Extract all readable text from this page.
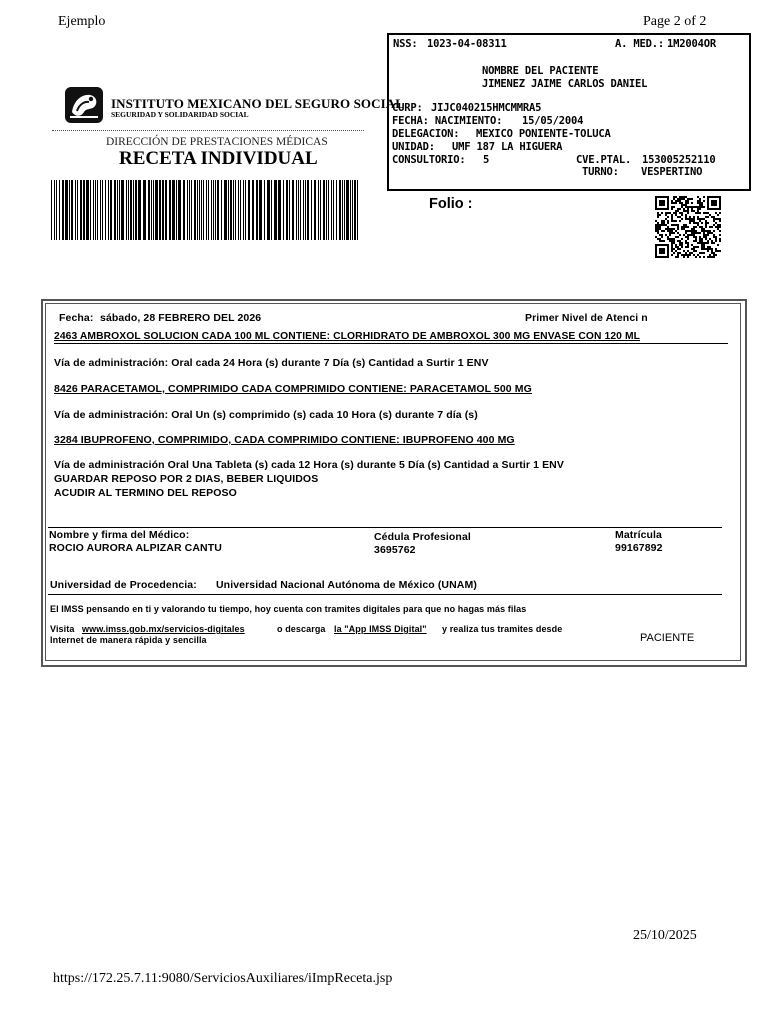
Ejemplo	Page 2 of 2
INSTITUTO MEXICANO DEL SEGURO SOCIAL
SEGURIDAD Y SOLIDARIDAD SOCIAL
DIRECCIÓN DE PRESTACIONES MÉDICAS
RECETA INDIVIDUAL
NSS: 1023-04-08311	A. MED.: 1M2004OR
NOMBRE DEL PACIENTE
JIMENEZ JAIME CARLOS DANIEL
CURP: JIJC040215HMCMMRA5
FECHA: NACIMIENTO: 15/05/2004
DELEGACION: MEXICO PONIENTE-TOLUCA
UNIDAD: UMF 187 LA HIGUERA
CONSULTORIO: 5	CVE.PTAL. 153005252110
TURNO: VESPERTINO
Folio :
Fecha: sábado, 28 FEBRERO DEL 2026	Primer Nivel de Atenci n
2463 AMBROXOL SOLUCION CADA 100 ML CONTIENE: CLORHIDRATO DE AMBROXOL 300 MG ENVASE CON 120 ML
Vía de administración: Oral cada 24 Hora (s) durante 7 Día (s) Cantidad a Surtir 1 ENV
8426 PARACETAMOL, COMPRIMIDO CADA COMPRIMIDO CONTIENE: PARACETAMOL 500 MG
Vía de administración: Oral Un (s) comprimido (s) cada 10 Hora (s) durante 7 día (s)
3284 IBUPROFENO, COMPRIMIDO, CADA COMPRIMIDO CONTIENE: IBUPROFENO 400 MG
Vía de administración Oral Una Tableta (s) cada 12 Hora (s) durante 5 Día (s) Cantidad a Surtir 1 ENV
GUARDAR REPOSO POR 2 DIAS, BEBER LIQUIDOS
ACUDIR AL TERMINO DEL REPOSO
Nombre y firma del Médico:
ROCIO AURORA ALPIZAR CANTU
Cédula Profesional
3695762
Matrícula
99167892
Universidad de Procedencia: Universidad Nacional Autónoma de México (UNAM)
El IMSS pensando en ti y valorando tu tiempo, hoy cuenta con tramites digitales para que no hagas más filas
Visita www.imss.gob.mx/servicios-digitales	o descarga la "App IMSS Digital" y realiza tus tramites desde
Internet de manera rápida y sencilla	PACIENTE
25/10/2025
https://172.25.7.11:9080/ServiciosAuxiliares/iImpReceta.jsp
